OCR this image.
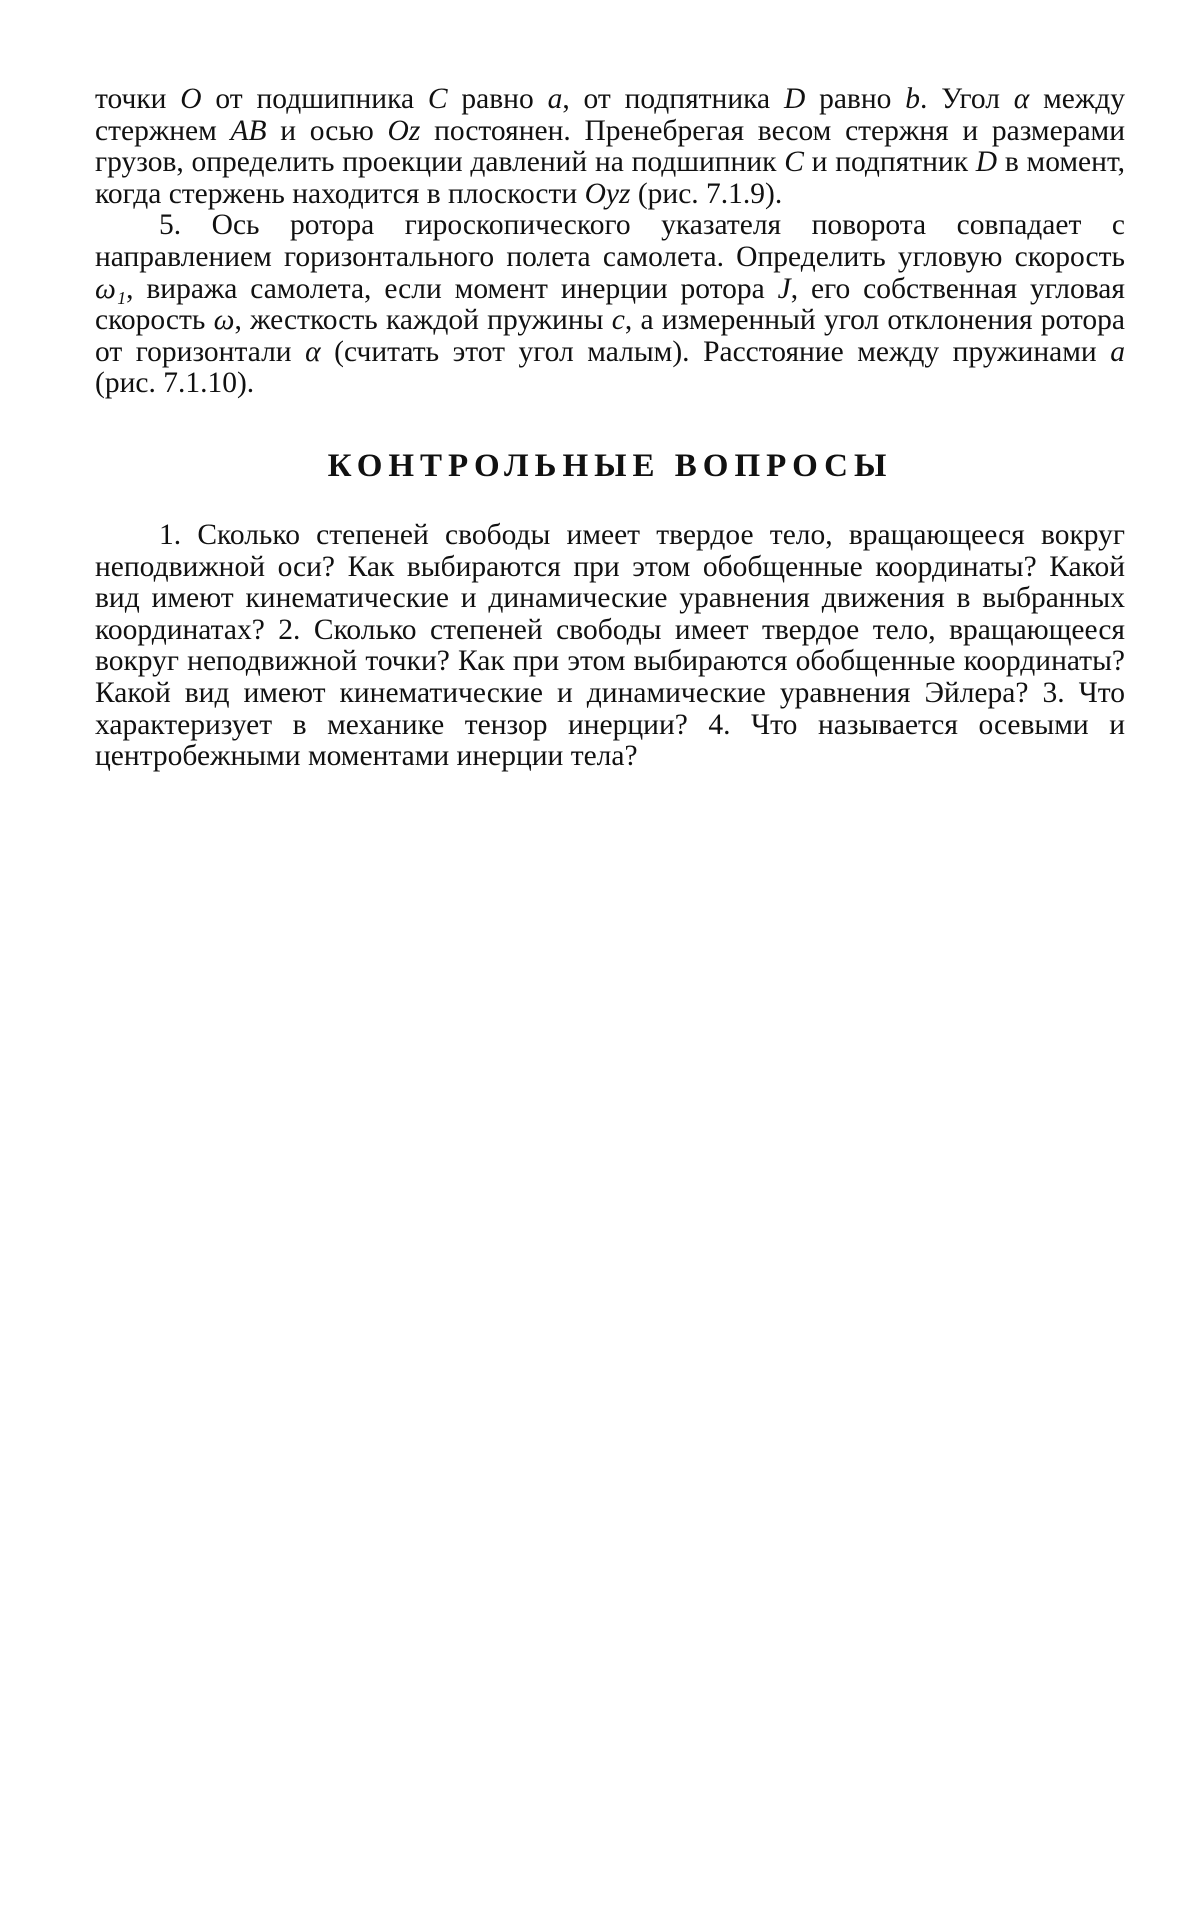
точки O от подшипника C равно a, от подпятника D равно b. Угол α между стержнем AB и осью Oz постоянен. Пренебрегая весом стержня и размерами грузов, определить проекции давлений на подшипник C и подпятник D в момент, когда стержень находится в плоскости Oyz (рис. 7.1.9).

5. Ось ротора гироскопического указателя поворота совпадает с направлением горизонтального полета самолета. Определить угловую скорость ω₁, виража самолета, если момент инерции ротора J, его собственная угловая скорость ω, жесткость каждой пружины c, а измеренный угол отклонения ротора от горизонтали α (считать этот угол малым). Расстояние между пружинами a (рис. 7.1.10).

КОНТРОЛЬНЫЕ ВОПРОСЫ

1. Сколько степеней свободы имеет твердое тело, вращающееся вокруг неподвижной оси? Как выбираются при этом обобщенные координаты? Какой вид имеют кинематические и динамические уравнения движения в выбранных координатах? 2. Сколько степеней свободы имеет твердое тело, вращающееся вокруг неподвижной точки? Как при этом выбираются обобщенные координаты? Какой вид имеют кинематические и динамические уравнения Эйлера? 3. Что характеризует в механике тензор инерции? 4. Что называется осевыми и центробежными моментами инерции тела?
